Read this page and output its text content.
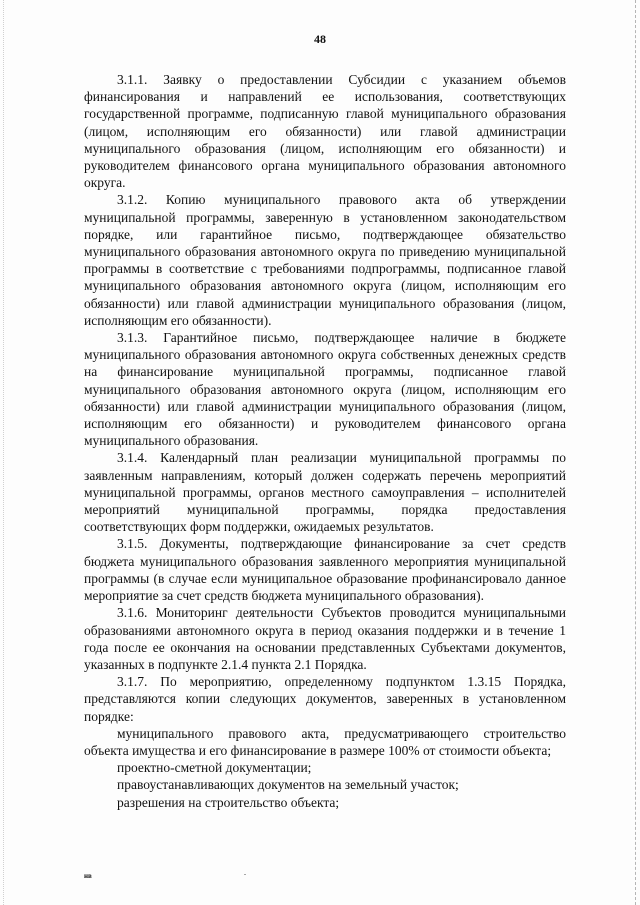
48

3.1.1. Заявку о предоставлении Субсидии с указанием объемов финансирования и направлений ее использования, соответствующих государственной программе, подписанную главой муниципального образования (лицом, исполняющим его обязанности) или главой администрации муниципального образования (лицом, исполняющим его обязанности) и руководителем финансового органа муниципального образования автономного округа.

3.1.2. Копию муниципального правового акта об утверждении муниципальной программы, заверенную в установленном законодательством порядке, или гарантийное письмо, подтверждающее обязательство муниципального образования автономного округа по приведению муниципальной программы в соответствие с требованиями подпрограммы, подписанное главой муниципального образования автономного округа (лицом, исполняющим его обязанности) или главой администрации муниципального образования (лицом, исполняющим его обязанности).

3.1.3. Гарантийное письмо, подтверждающее наличие в бюджете муниципального образования автономного округа собственных денежных средств на финансирование муниципальной программы, подписанное главой муниципального образования автономного округа (лицом, исполняющим его обязанности) или главой администрации муниципального образования (лицом, исполняющим его обязанности) и руководителем финансового органа муниципального образования.

3.1.4. Календарный план реализации муниципальной программы по заявленным направлениям, который должен содержать перечень мероприятий муниципальной программы, органов местного самоуправления – исполнителей мероприятий муниципальной программы, порядка предоставления соответствующих форм поддержки, ожидаемых результатов.

3.1.5. Документы, подтверждающие финансирование за счет средств бюджета муниципального образования заявленного мероприятия муниципальной программы (в случае если муниципальное образование профинансировало данное мероприятие за счет средств бюджета муниципального образования).

3.1.6. Мониторинг деятельности Субъектов проводится муниципальными образованиями автономного округа в период оказания поддержки и в течение 1 года после ее окончания на основании представленных Субъектами документов, указанных в подпункте 2.1.4 пункта 2.1 Порядка.

3.1.7. По мероприятию, определенному подпунктом 1.3.15 Порядка, представляются копии следующих документов, заверенных в установленном порядке:

муниципального правового акта, предусматривающего строительство объекта имущества и его финансирование в размере 100% от стоимости объекта;

проектно-сметной документации;

правоустанавливающих документов на земельный участок;

разрешения на строительство объекта;

нв	.
